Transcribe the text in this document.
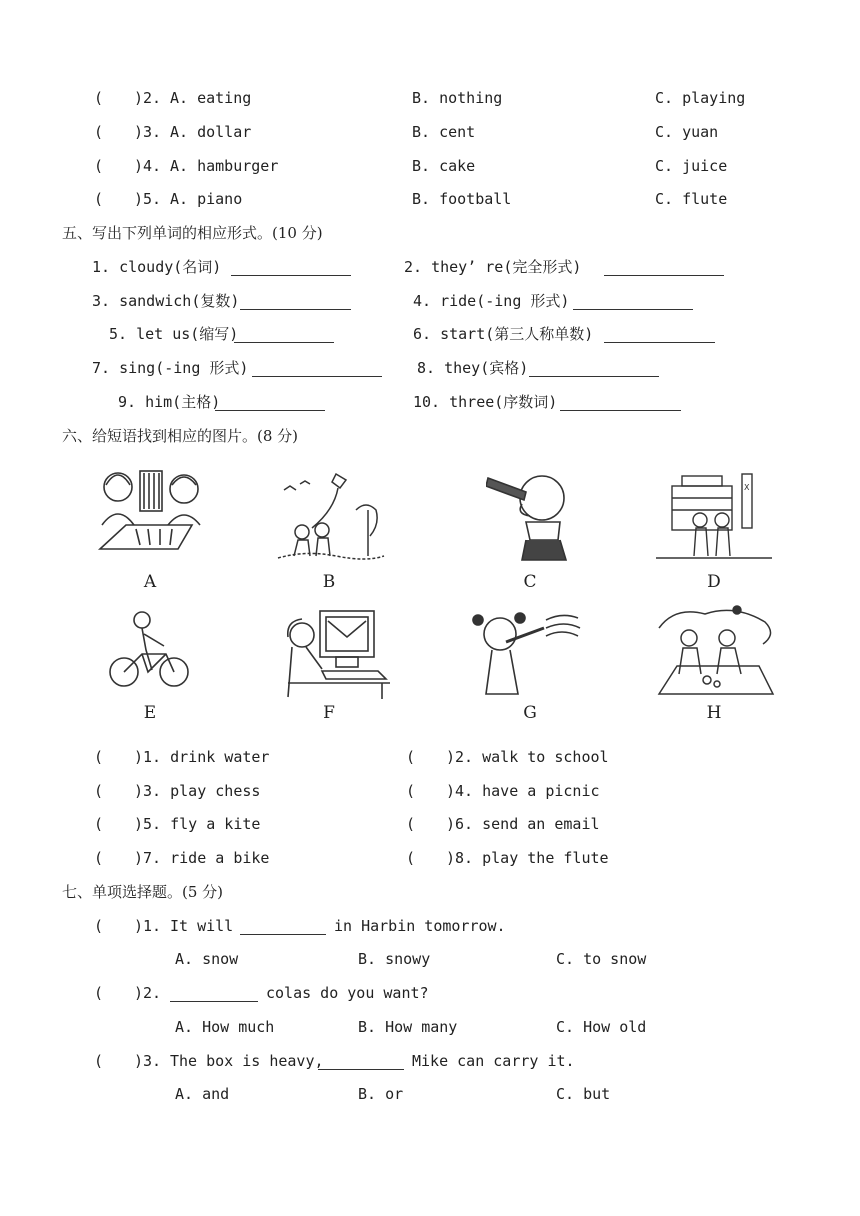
( )2. A. eating	B. nothing	C. playing
( )3. A. dollar	B. cent	C. yuan
( )4. A. hamburger	B. cake	C. juice
( )5. A. piano	B. football	C. flute
五、写出下列单词的相应形式。(10 分)
1. cloudy(名词)	2. they’ re(完全形式)
3. sandwich(复数)	4. ride(-ing 形式)
5. let us(缩写)	6. start(第三人称单数)
7. sing(-ing 形式)	8. they(宾格)
9. him(主格)	10. three(序数词)
六、给短语找到相应的图片。(8 分)
X
A	B	C	D
E	F	G	H
( )1. drink water	( )2. walk to school
( )3. play chess	( )4. have a picnic
( )5. fly a kite	( )6. send an email
( )7. ride a bike	( )8. play the flute
七、单项选择题。(5 分)
( )1. It will	in Harbin tomorrow.
A. snow	B. snowy	C. to snow
( )2.	colas do you want?
A. How much	B. How many	C. How old
( )3. The box is heavy,	Mike can carry it.
A. and	B. or	C. but
